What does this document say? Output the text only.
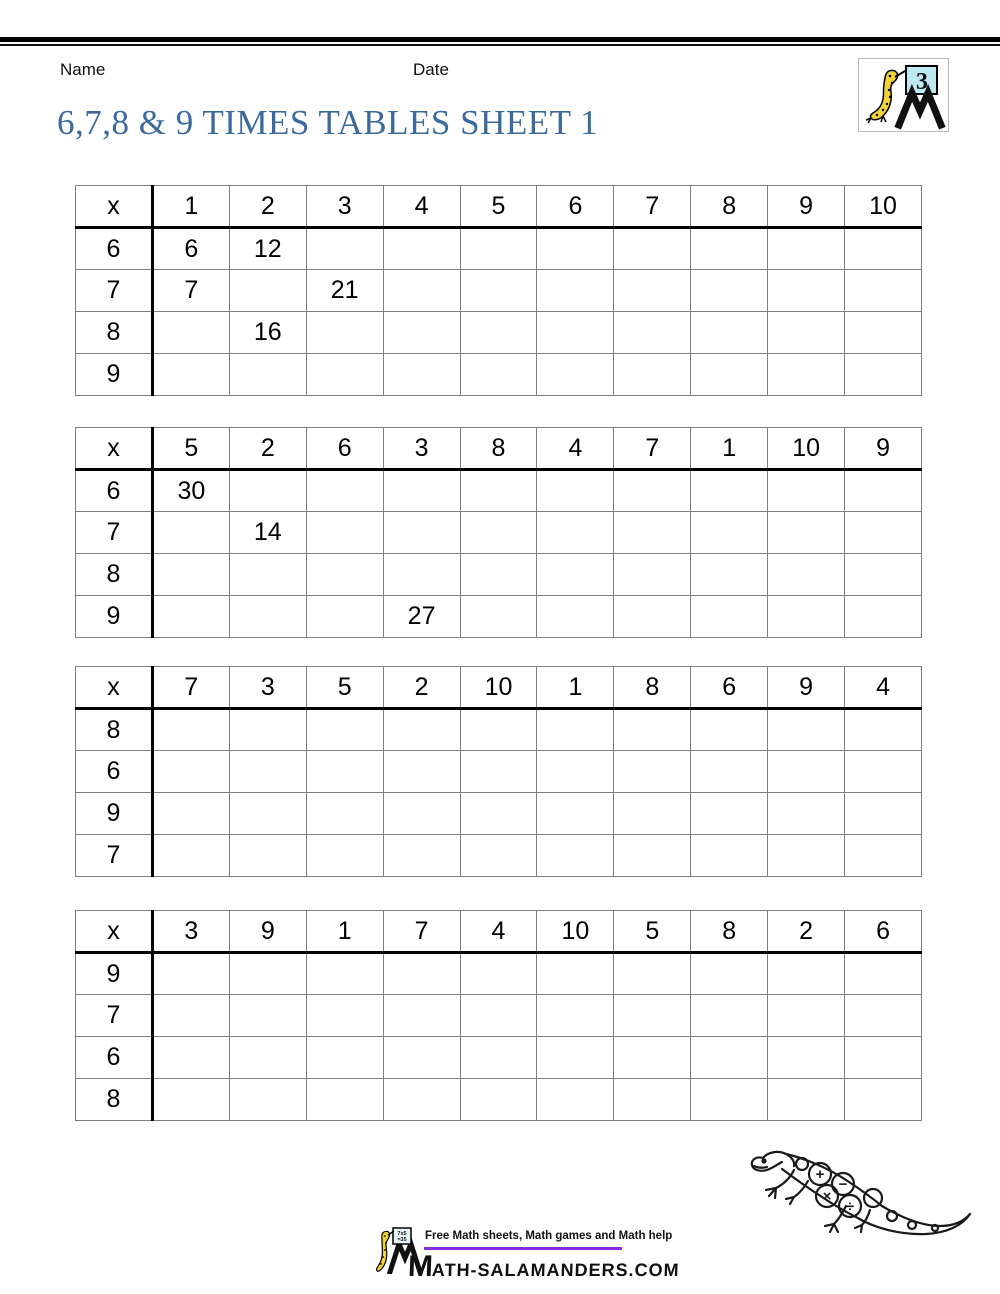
Name	Date	3
6,7,8 & 9 TIMES TABLES SHEET 1
x	1	2	3	4	5	6	7	8	9	10
6	6	12								
7	7		21							
8		16								
9										
x	5	2	6	3	8	4	7	1	10	9
6	30									
7		14								
8										
9				27						
x	7	3	5	2	10	1	8	6	9	4
8										
6										
9										
7										
x	3	9	1	7	4	10	5	8	2	6
9										
7										
6										
8										
+
−
×
÷
7x5
=35 Free Math sheets, Math games and Math help
MATH-SALAMANDERS.COM
